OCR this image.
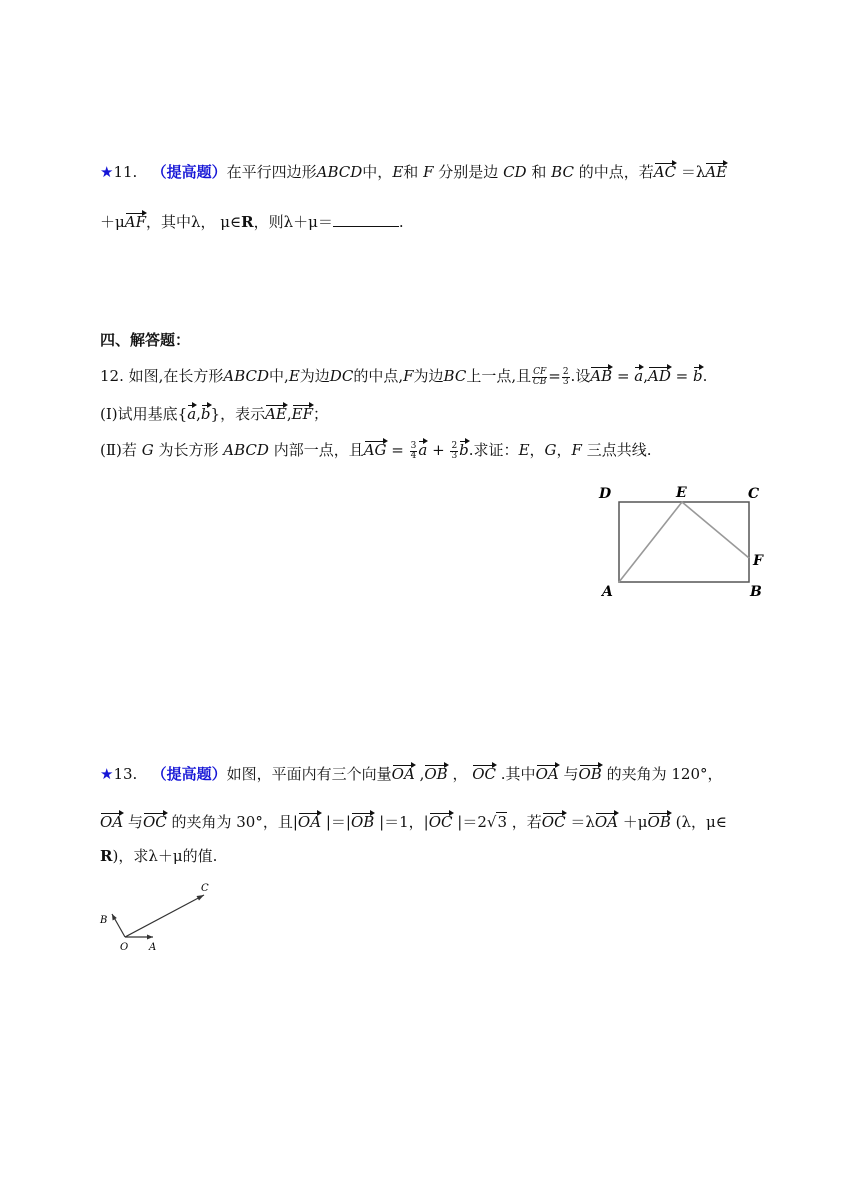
★11. （提高题）在平行四边形ABCD中，E和 F 分别是边 CD 和 BC 的中点，若AC ＝λAE
＋μAF，其中λ， μ∈R，则λ＋μ＝	.
四、解答题：
12. 如图,在长方形ABCD中,E为边DC的中点,F为边BC上一点,且 $\frac{CF}{CB} = \frac{2}{3}$ .设AB = a,AD = b.
(Ⅰ)试用基底{a,b}，表示AE,EF；
(Ⅱ)若 G 为长方形 ABCD 内部一点，且AG = $\frac{3}{4}$ $a + \frac{2}{3} b$.求证：E，G，F 三点共线.
D	E	C
F
A	B
★13. （提高题）如图，平面内有三个向量OA ,OB ， OC .其中OA 与OB 的夹角为 120°，
OA 与OC 的夹角为 30°，且|OA |＝|OB |＝1，|OC |＝2√3 ，若OC ＝λOA ＋μOB (λ，μ∈
R)，求λ＋μ的值.
B
C
O A
